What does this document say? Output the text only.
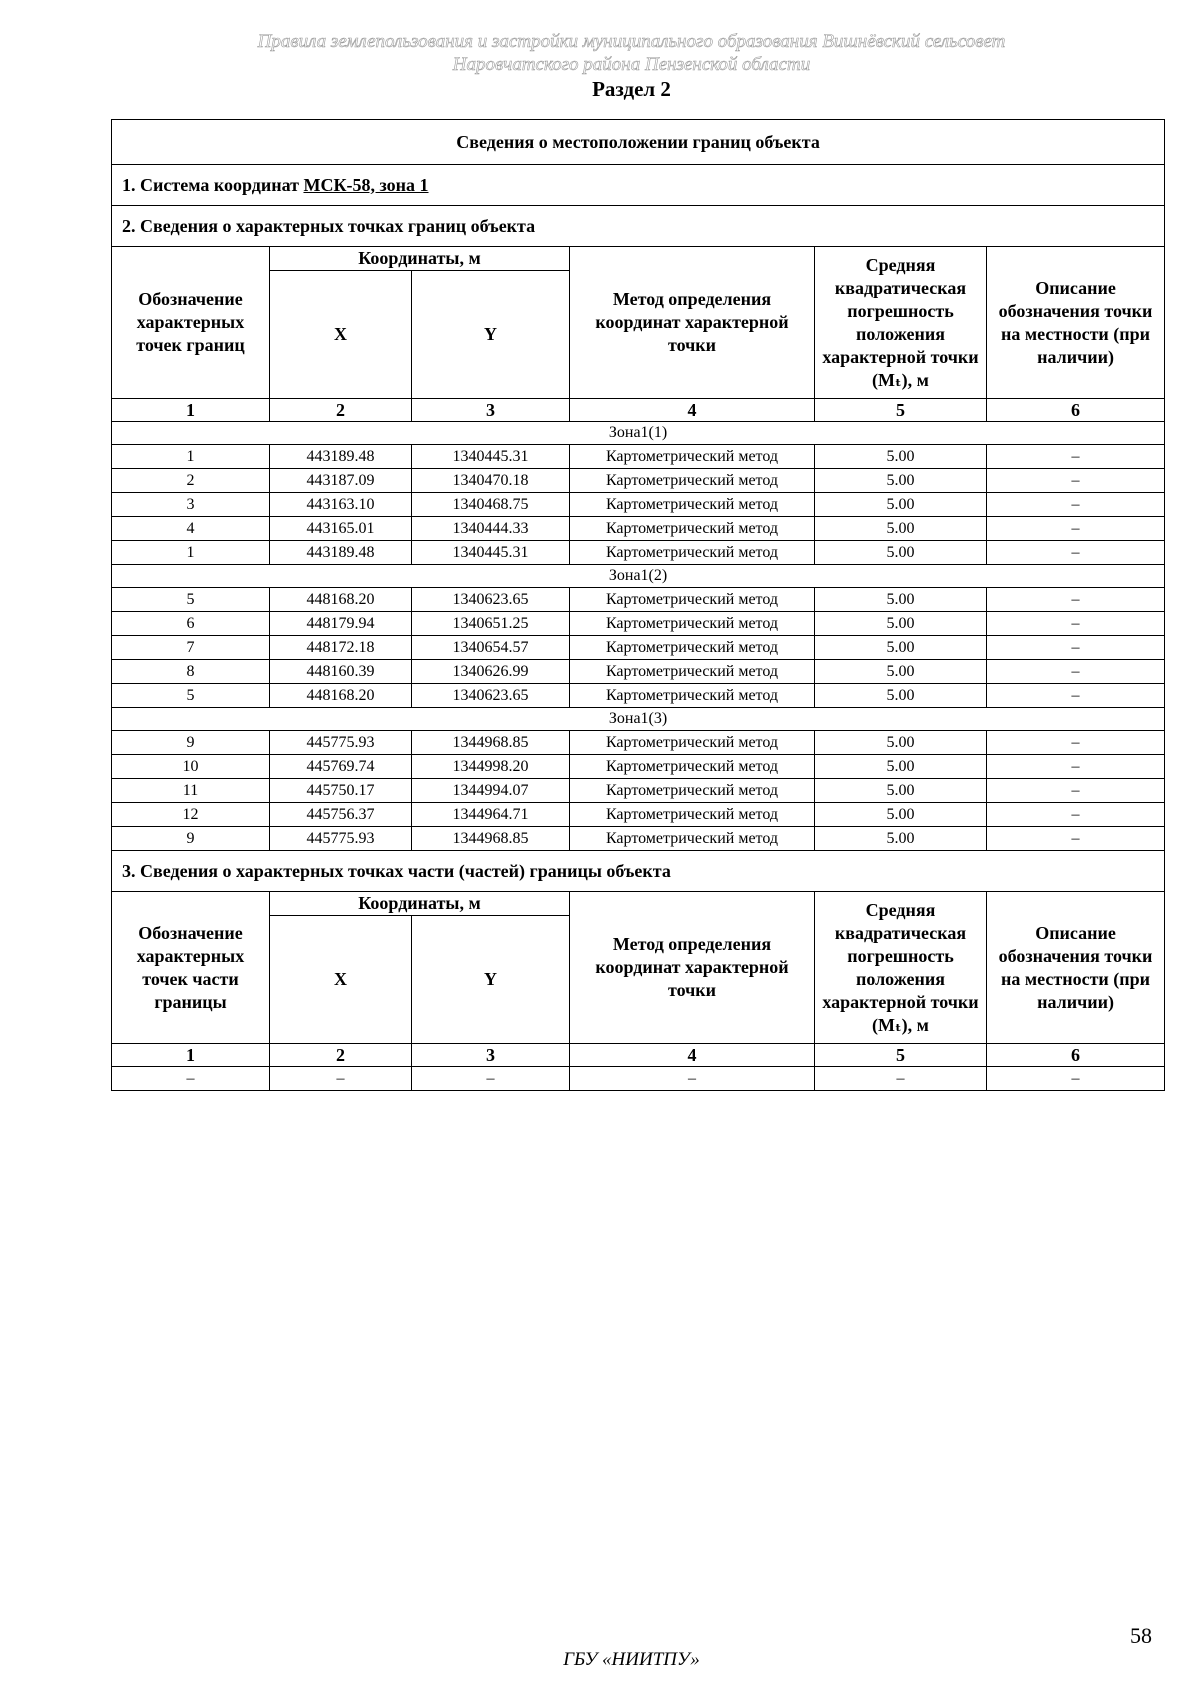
Правила землепользования и застройки муниципального образования Вишнёвский сельсовет
Наровчатского района Пензенской области
Раздел 2
Сведения о местоположении границ объекта					
1. Система координат МСК-58, зона 1					
2. Сведения о характерных точках границ объекта					
Обозначение характерных точек границ	Координаты, м		Метод определения координат характерной точки	Средняя квадратическая погрешность положения характерной точки (Mₜ), м	Описание обозначения точки на местности (при наличии)
	X	Y			
1	2	3	4	5	6
Зона1(1)					
1	443189.48	1340445.31	Картометрический метод	5.00	–
2	443187.09	1340470.18	Картометрический метод	5.00	–
3	443163.10	1340468.75	Картометрический метод	5.00	–
4	443165.01	1340444.33	Картометрический метод	5.00	–
1	443189.48	1340445.31	Картометрический метод	5.00	–
Зона1(2)					
5	448168.20	1340623.65	Картометрический метод	5.00	–
6	448179.94	1340651.25	Картометрический метод	5.00	–
7	448172.18	1340654.57	Картометрический метод	5.00	–
8	448160.39	1340626.99	Картометрический метод	5.00	–
5	448168.20	1340623.65	Картометрический метод	5.00	–
Зона1(3)					
9	445775.93	1344968.85	Картометрический метод	5.00	–
10	445769.74	1344998.20	Картометрический метод	5.00	–
11	445750.17	1344994.07	Картометрический метод	5.00	–
12	445756.37	1344964.71	Картометрический метод	5.00	–
9	445775.93	1344968.85	Картометрический метод	5.00	–
3. Сведения о характерных точках части (частей) границы объекта					
Обозначение характерных точек части границы	Координаты, м		Метод определения координат характерной точки	Средняя квадратическая погрешность положения характерной точки (Mₜ), м	Описание обозначения точки на местности (при наличии)
	X	Y			
1	2	3	4	5	6
–	–	–	–	–	–
58
ГБУ «НИИТПУ»
